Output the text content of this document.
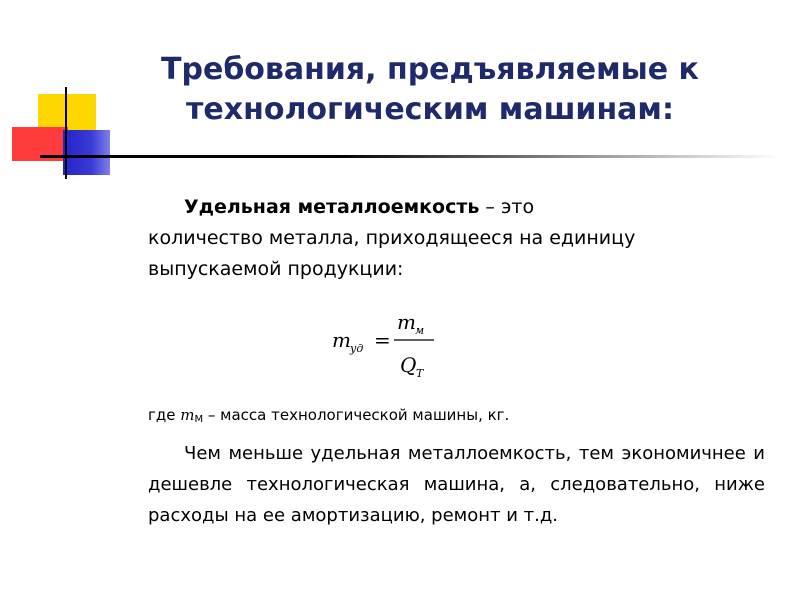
Требования, предъявляемые к
технологическим машинам:
Удельная металлоемкость – это
количество металла, приходящееся на единицу
выпускаемой продукции:
m уд
m м
Q Т
=

где $m_М$ – масса технологической машины, кг.

Чем меньше удельная металлоемкость, тем экономичнее и дешевле технологическая машина, а, следовательно, ниже расходы на ее амортизацию, ремонт и т.д.
